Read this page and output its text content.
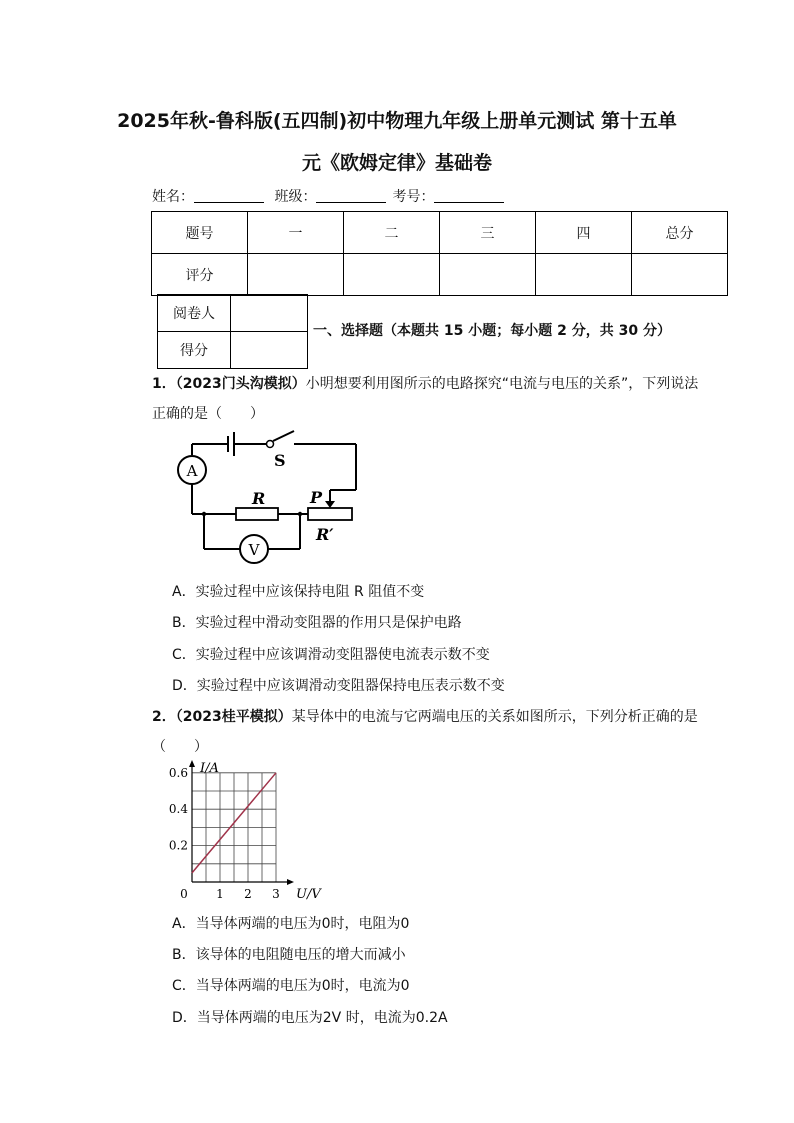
2025年秋-鲁科版(五四制)初中物理九年级上册单元测试 第十五单
元《欧姆定律》基础卷
姓名：	班级：	考号：
题号	一	二	三	四	总分
评分					
阅卷人	
得分	
一、选择题（本题共 15 小题；每小题 2 分，共 30 分）
1．（2023门头沟模拟）小明想要利用图所示的电路探究“电流与电压的关系”，下列说法
正确的是（　　）
A
V
S
R	P
R′
A．实验过程中应该保持电阻 R 阻值不变
B．实验过程中滑动变阻器的作用只是保护电路
C．实验过程中应该调滑动变阻器使电流表示数不变
D．实验过程中应该调滑动变阻器保持电压表示数不变
2．（2023桂平模拟）某导体中的电流与它两端电压的关系如图所示，下列分析正确的是
（　　）
0 1 2 3
0.2
0.4
0.6 I/A
U/V
A．当导体两端的电压为0时，电阻为0
B．该导体的电阻随电压的增大而减小
C．当导体两端的电压为0时，电流为0
D．当导体两端的电压为2V 时，电流为0.2A
